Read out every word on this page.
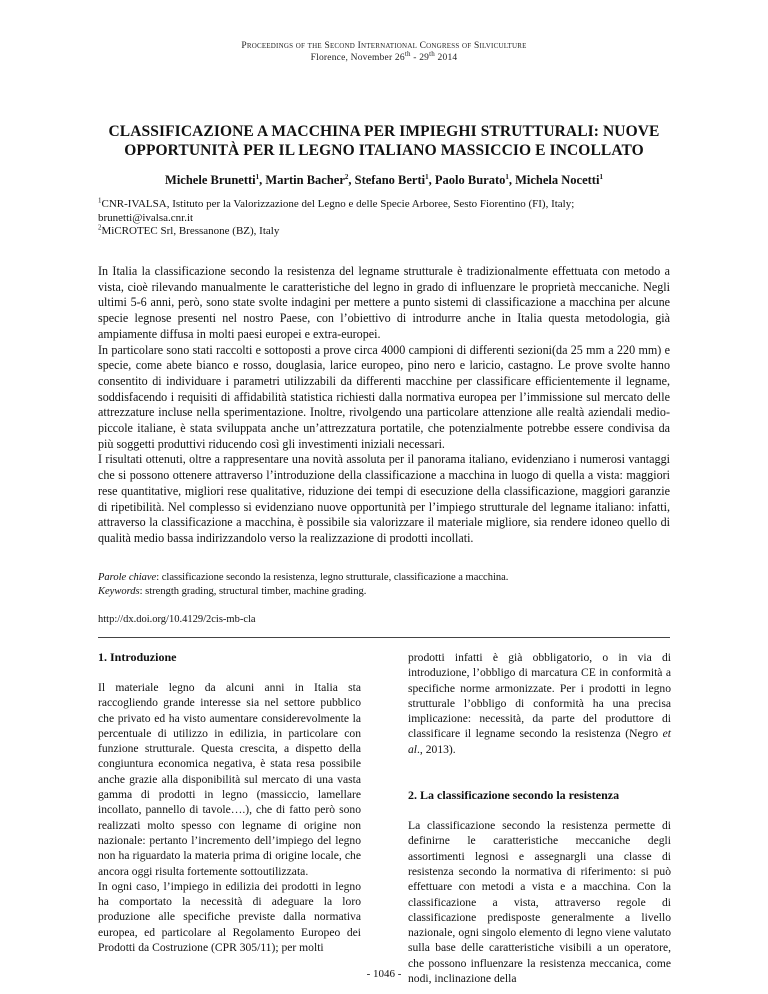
Proceedings of the Second International Congress of Silviculture
Florence, November 26th - 29th 2014
CLASSIFICAZIONE A MACCHINA PER IMPIEGHI STRUTTURALI: NUOVE
OPPORTUNITÀ PER IL LEGNO ITALIANO MASSICCIO E INCOLLATO
Michele Brunetti$^1$, Martin Bacher$^2$, Stefano Berti$^1$, Paolo Burato$^1$, Michela Nocetti$^1$
$^1$CNR-IVALSA, Istituto per la Valorizzazione del Legno e delle Specie Arboree, Sesto Fiorentino (FI), Italy;
brunetti@ivalsa.cnr.it
$^2$MiCROTEC Srl, Bressanone (BZ), Italy

In Italia la classificazione secondo la resistenza del legname strutturale è tradizionalmente effettuata con metodo a vista, cioè rilevando manualmente le caratteristiche del legno in grado di influenzare le proprietà meccaniche. Negli ultimi 5-6 anni, però, sono state svolte indagini per mettere a punto sistemi di classificazione a macchina per alcune specie legnose presenti nel nostro Paese, con l’obiettivo di introdurre anche in Italia questa metodologia, già ampiamente diffusa in molti paesi europei e extra-europei.

In particolare sono stati raccolti e sottoposti a prove circa 4000 campioni di differenti sezioni(da 25 mm a 220 mm) e specie, come abete bianco e rosso, douglasia, larice europeo, pino nero e laricio, castagno. Le prove svolte hanno consentito di individuare i parametri utilizzabili da differenti macchine per classificare efficientemente il legname, soddisfacendo i requisiti di affidabilità statistica richiesti dalla normativa europea per l’immissione sul mercato delle attrezzature incluse nella sperimentazione. Inoltre, rivolgendo una particolare attenzione alle realtà aziendali medio-piccole italiane, è stata sviluppata anche un’attrezzatura portatile, che potenzialmente potrebbe essere condivisa da più soggetti produttivi riducendo così gli investimenti iniziali necessari.

I risultati ottenuti, oltre a rappresentare una novità assoluta per il panorama italiano, evidenziano i numerosi vantaggi che si possono ottenere attraverso l’introduzione della classificazione a macchina in luogo di quella a vista: maggiori rese quantitative, migliori rese qualitative, riduzione dei tempi di esecuzione della classificazione, maggiori garanzie di ripetibilità. Nel complesso si evidenziano nuove opportunità per l’impiego strutturale del legname italiano: infatti, attraverso la classificazione a macchina, è possibile sia valorizzare il materiale migliore, sia rendere idoneo quello di qualità medio bassa indirizzandolo verso la realizzazione di prodotti incollati.

Parole chiave: classificazione secondo la resistenza, legno strutturale, classificazione a macchina.

Keywords: strength grading, structural timber, machine grading.

http://dx.doi.org/10.4129/2cis-mb-cla
1. Introduzione

Il materiale legno da alcuni anni in Italia sta raccogliendo grande interesse sia nel settore pubblico che privato ed ha visto aumentare considerevolmente la percentuale di utilizzo in edilizia, in particolare con funzione strutturale. Questa crescita, a dispetto della congiuntura economica negativa, è stata resa possibile anche grazie alla disponibilità sul mercato di una vasta gamma di prodotti in legno (massiccio, lamellare incollato, pannello di tavole….), che di fatto però sono realizzati molto spesso con legname di origine non nazionale: pertanto l’incremento dell’impiego del legno non ha riguardato la materia prima di origine locale, che ancora oggi risulta fortemente sottoutilizzata.

In ogni caso, l’impiego in edilizia dei prodotti in legno ha comportato la necessità di adeguare la loro produzione alle specifiche previste dalla normativa europea, ed particolare al Regolamento Europeo dei Prodotti da Costruzione (CPR 305/11); per molti

prodotti infatti è già obbligatorio, o in via di introduzione, l’obbligo di marcatura CE in conformità a specifiche norme armonizzate. Per i prodotti in legno strutturale l’obbligo di conformità ha una precisa implicazione: necessità, da parte del produttore di classificare il legname secondo la resistenza (Negro et al., 2013).

2. La classificazione secondo la resistenza

La classificazione secondo la resistenza permette di definirne le caratteristiche meccaniche degli assortimenti legnosi e assegnargli una classe di resistenza secondo la normativa di riferimento: si può effettuare con metodi a vista e a macchina. Con la classificazione a vista, attraverso regole di classificazione predisposte generalmente a livello nazionale, ogni singolo elemento di legno viene valutato sulla base delle caratteristiche visibili a un operatore, che possono influenzare la resistenza meccanica, come nodi, inclinazione della

- 1046 -
